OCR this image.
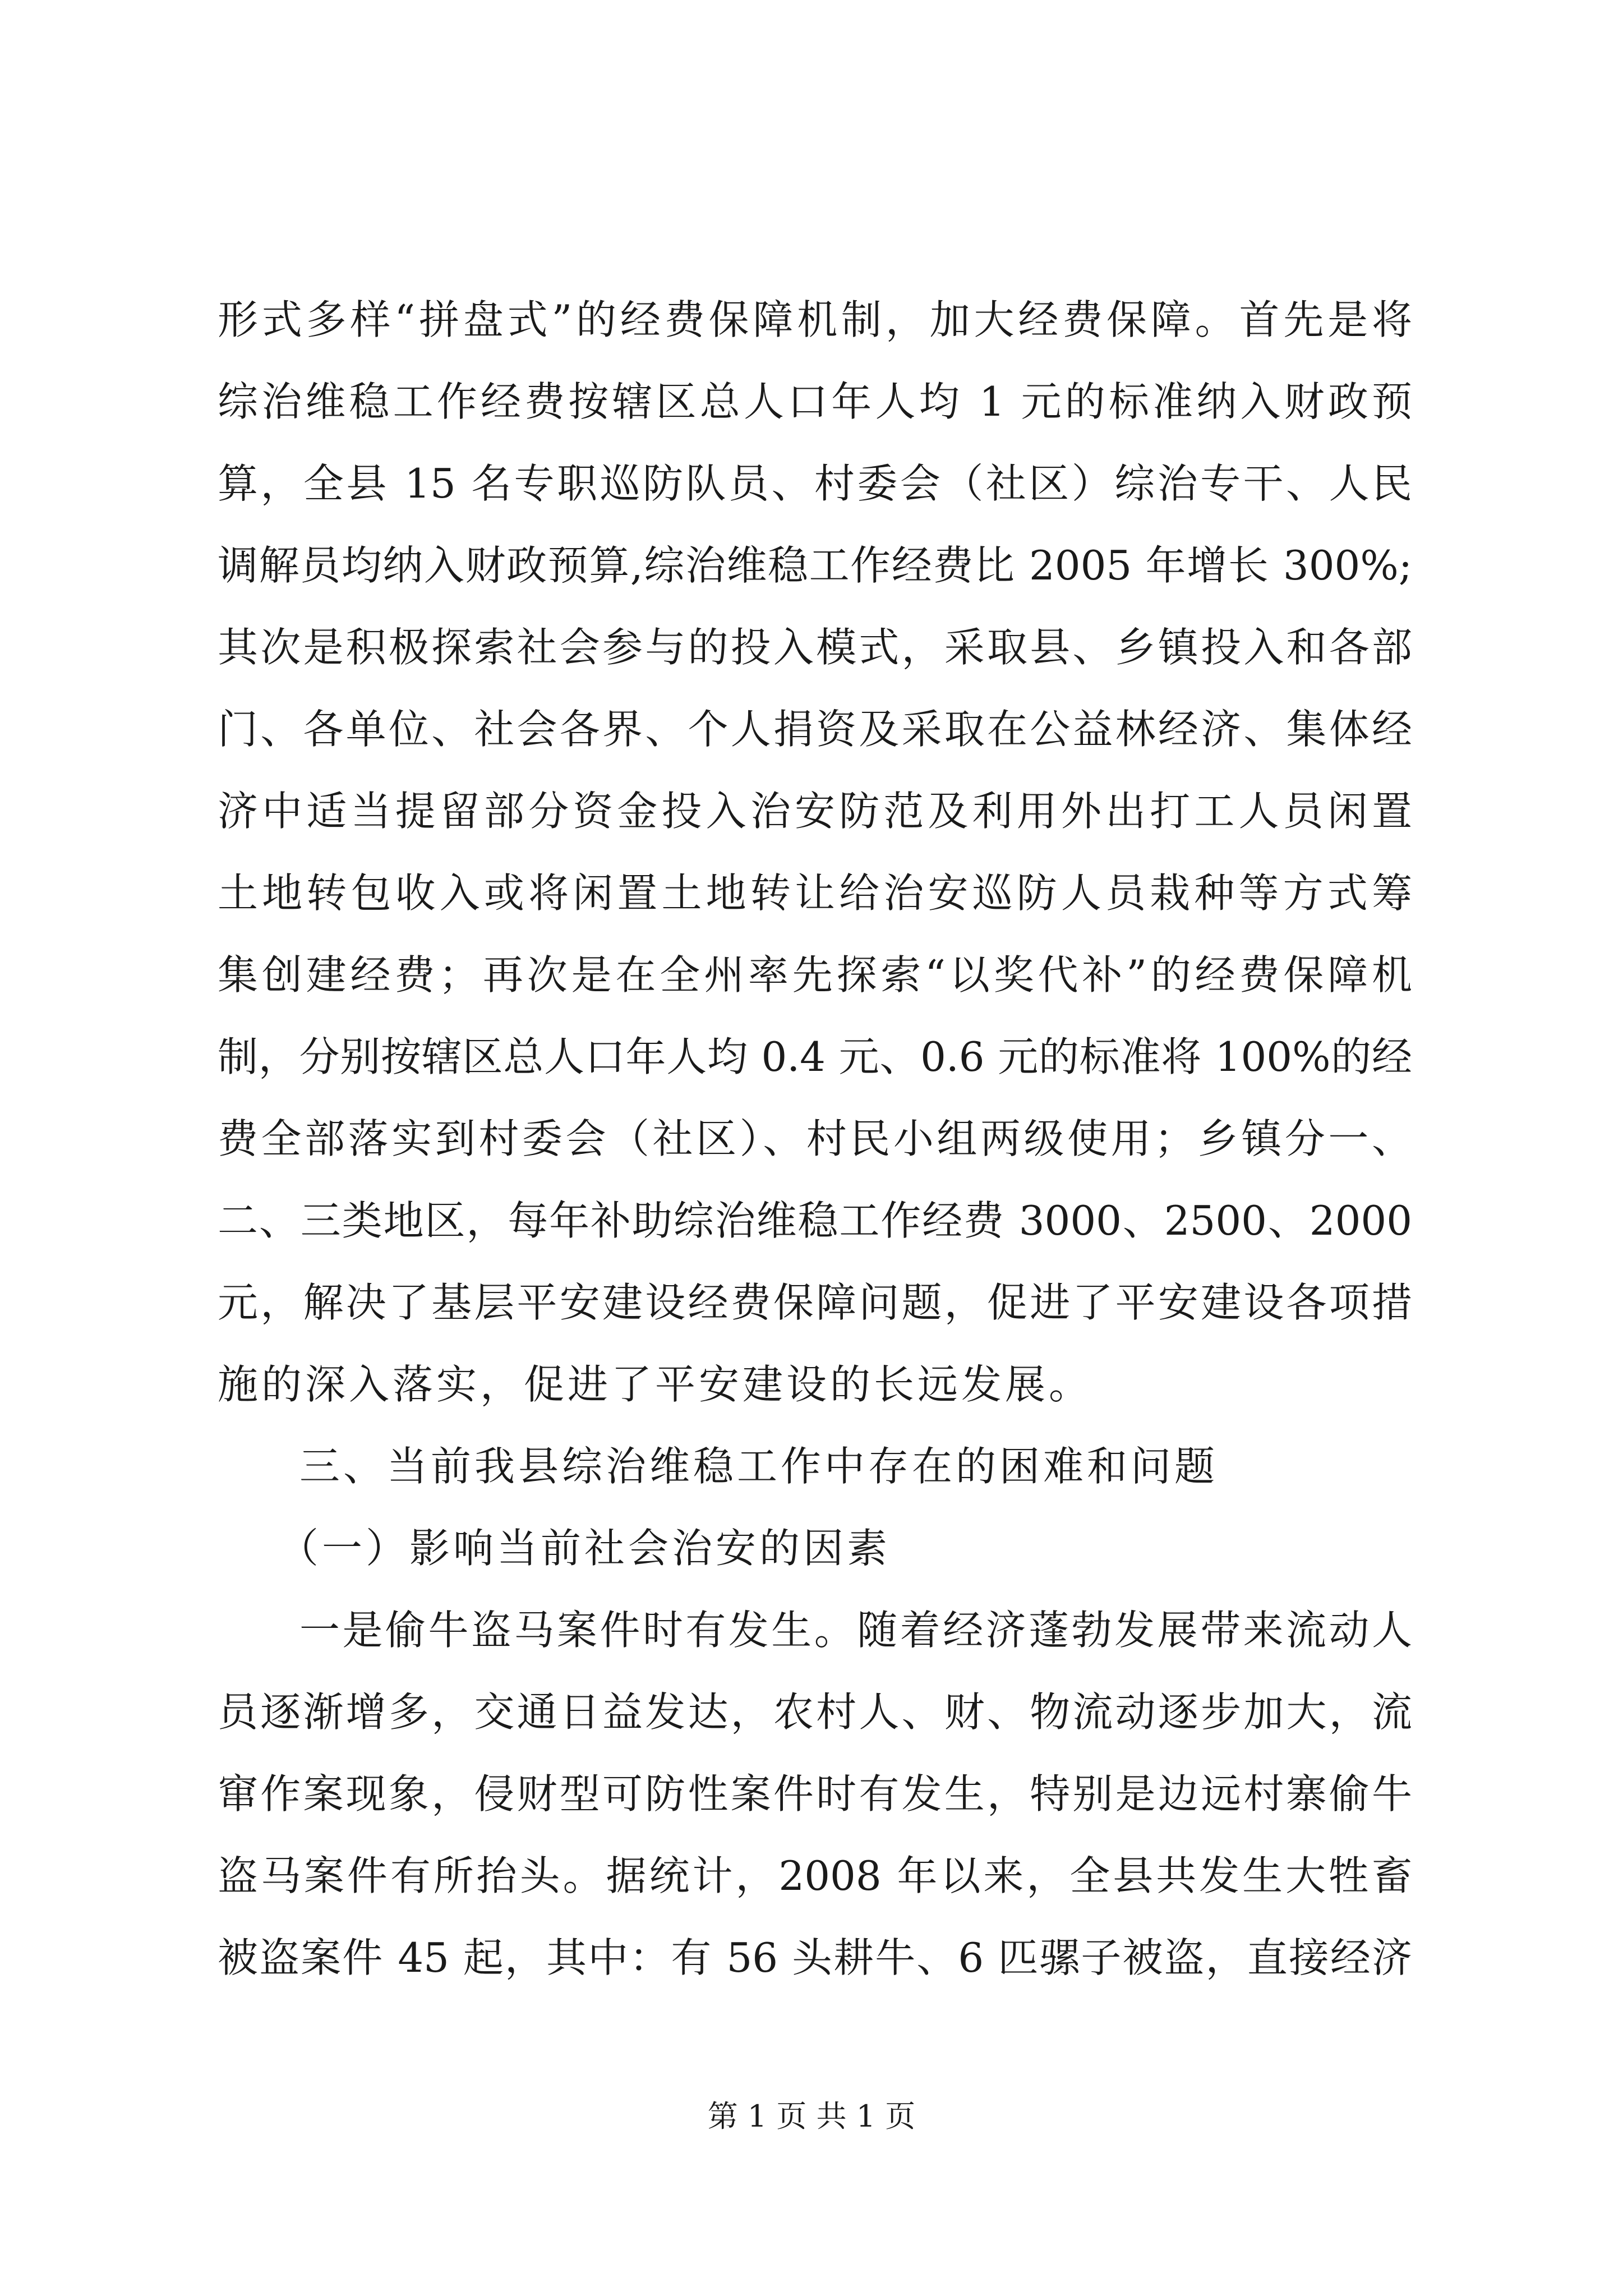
形式多样“拼盘式”的经费保障机制，加大经费保障。首先是将
综治维稳工作经费按辖区总人口年人均 1 元的标准纳入财政预
算，全县 15 名专职巡防队员、村委会（社区）综治专干、人民
调解员均纳入财政预算,综治维稳工作经费比 2005 年增长 300%;
其次是积极探索社会参与的投入模式，采取县、乡镇投入和各部
门、各单位、社会各界、个人捐资及采取在公益林经济、集体经
济中适当提留部分资金投入治安防范及利用外出打工人员闲置
土地转包收入或将闲置土地转让给治安巡防人员栽种等方式筹
集创建经费；再次是在全州率先探索“以奖代补”的经费保障机
制，分别按辖区总人口年人均 0.4 元、0.6 元的标准将 100%的经
费全部落实到村委会（社区）、村民小组两级使用；乡镇分一、
二、三类地区，每年补助综治维稳工作经费 3000、2500、2000
元，解决了基层平安建设经费保障问题，促进了平安建设各项措
施的深入落实，促进了平安建设的长远发展。
三、当前我县综治维稳工作中存在的困难和问题
（一）影响当前社会治安的因素
一是偷牛盗马案件时有发生。随着经济蓬勃发展带来流动人
员逐渐增多，交通日益发达，农村人、财、物流动逐步加大，流
窜作案现象，侵财型可防性案件时有发生，特别是边远村寨偷牛
盗马案件有所抬头。据统计，2008 年以来，全县共发生大牲畜
被盗案件 45 起，其中：有 56 头耕牛、6 匹骡子被盗，直接经济
第 1 页 共 1 页
